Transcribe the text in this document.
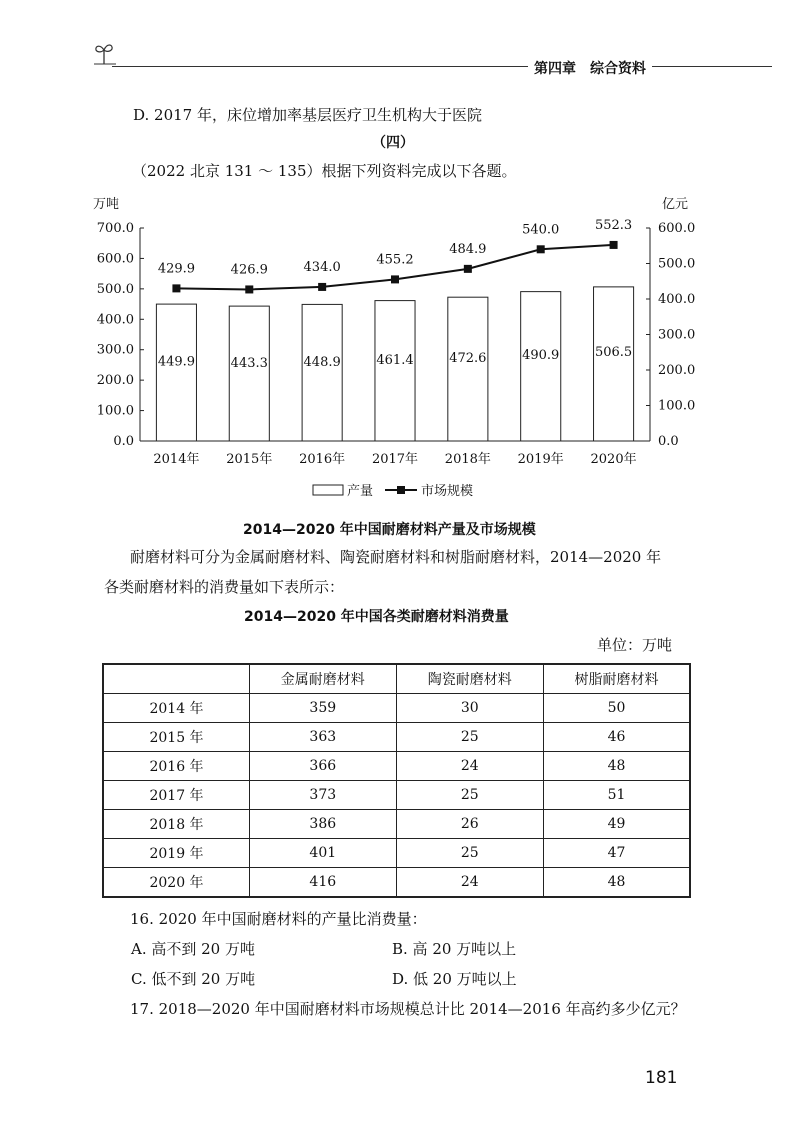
第四章　综合资料
D. 2017 年，床位增加率基层医疗卫生机构大于医院
（四）
（2022 北京 131 ～ 135）根据下列资料完成以下各题。
万吨	亿元
700.0
600.0
500.0
400.0
300.0
200.0
100.0
0.0
600.0
500.0
400.0
300.0
200.0
100.0
0.0
449.9	443.3	448.9	461.4	472.6	490.9	506.5
2014年 2015年 2016年 2017年 2018年 2019年 2020年
429.9	426.9	434.0
455.2
484.9
540.0	552.3
产量	市场规模
2014—2020 年中国耐磨材料产量及市场规模
耐磨材料可分为金属耐磨材料、陶瓷耐磨材料和树脂耐磨材料，2014—2020 年
各类耐磨材料的消费量如下表所示：
2014—2020 年中国各类耐磨材料消费量
单位：万吨
	金属耐磨材料	陶瓷耐磨材料	树脂耐磨材料
2014 年	359	30	50
2015 年	363	25	46
2016 年	366	24	48
2017 年	373	25	51
2018 年	386	26	49
2019 年	401	25	47
2020 年	416	24	48
16. 2020 年中国耐磨材料的产量比消费量：
A. 高不到 20 万吨	B. 高 20 万吨以上
C. 低不到 20 万吨	D. 低 20 万吨以上
17. 2018—2020 年中国耐磨材料市场规模总计比 2014—2016 年高约多少亿元？
181
